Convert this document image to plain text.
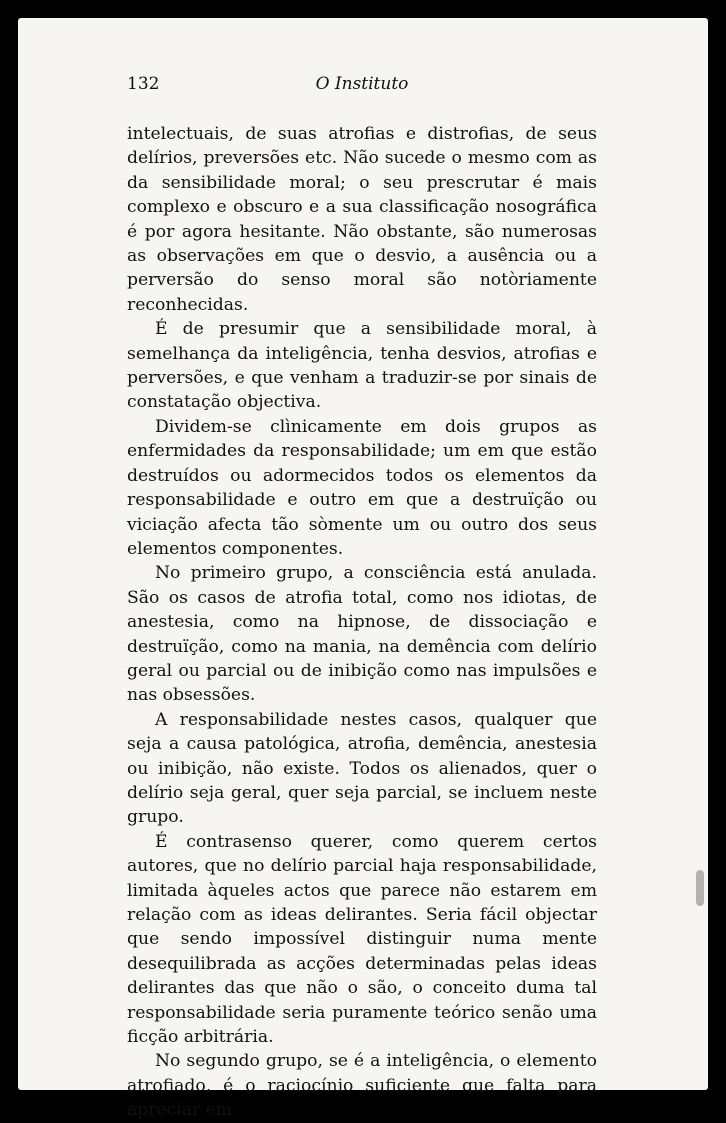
132	O Instituto

intelectuais, de suas atrofias e distrofias, de seus delírios, preversões etc. Não sucede o mesmo com as da sensibilidade moral; o seu prescrutar é mais complexo e obscuro e a sua classificação nosográfica é por agora hesitante. Não obstante, são numerosas as observações em que o desvio, a ausência ou a perversão do senso moral são notòriamente reconhecidas.

É de presumir que a sensibilidade moral, à semelhança da inteligência, tenha desvios, atrofias e perversões, e que venham a traduzir-se por sinais de constatação objectiva.

Dividem-se clìnicamente em dois grupos as enfermidades da responsabilidade; um em que estão destruídos ou adormecidos todos os elementos da responsabilidade e outro em que a destruïção ou viciação afecta tão sòmente um ou outro dos seus elementos componentes.

No primeiro grupo, a consciência está anulada. São os casos de atrofia total, como nos idiotas, de anestesia, como na hipnose, de dissociação e destruïção, como na mania, na demência com delírio geral ou parcial ou de inibição como nas impulsões e nas obsessões.

A responsabilidade nestes casos, qualquer que seja a causa patológica, atrofia, demência, anestesia ou inibição, não existe. Todos os alienados, quer o delírio seja geral, quer seja parcial, se incluem neste grupo.

É contrasenso querer, como querem certos autores, que no delírio parcial haja responsabilidade, limitada àqueles actos que parece não estarem em relação com as ideas delirantes. Seria fácil objectar que sendo impossível distinguir numa mente desequilibrada as acções determinadas pelas ideas delirantes das que não o são, o conceito duma tal responsabilidade seria puramente teórico senão uma ficção arbitrária.

No segundo grupo, se é a inteligência, o elemento atrofiado, é o raciocínio suficiente que falta para apreciar em
